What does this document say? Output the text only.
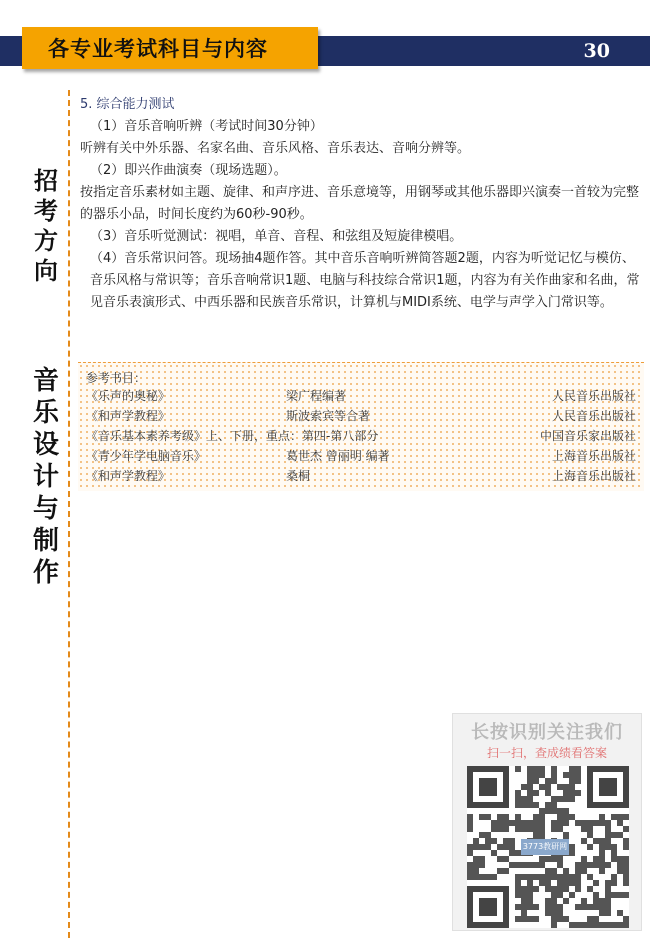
各专业考试科目与内容	30
招
考
方
向
音
乐
设
计
与
制
作

5. 综合能力测试

（1）音乐音响听辨（考试时间30分钟）

听辨有关中外乐器、名家名曲、音乐风格、音乐表达、音响分辨等。

（2）即兴作曲演奏（现场选题）。

按指定音乐素材如主题、旋律、和声序进、音乐意境等，用钢琴或其他乐器即兴演奏一首较为完整的器乐小品，时间长度约为60秒-90秒。

（3）音乐听觉测试：视唱，单音、音程、和弦组及短旋律模唱。

（4）音乐常识问答。现场抽4题作答。其中音乐音响听辨简答题2题，内容为听觉记忆与模仿、音乐风格与常识等；音乐音响常识1题、电脑与科技综合常识1题，内容为有关作曲家和名曲，常见音乐表演形式、中西乐器和民族音乐常识，计算机与MIDI系统、电学与声学入门常识等。

参考书目：
《乐声的奥秘》	梁广程编著	人民音乐出版社
《和声学教程》	斯波索宾等合著	人民音乐出版社
《音乐基本素养考级》上、下册，重点：第四-第八部分	中国音乐家出版社
《青少年学电脑音乐》	葛世杰 曾丽明 编著	上海音乐出版社
《和声学教程》	桑桐	上海音乐出版社
长按识别关注我们
扫一扫，查成绩看答案
3773教研网
